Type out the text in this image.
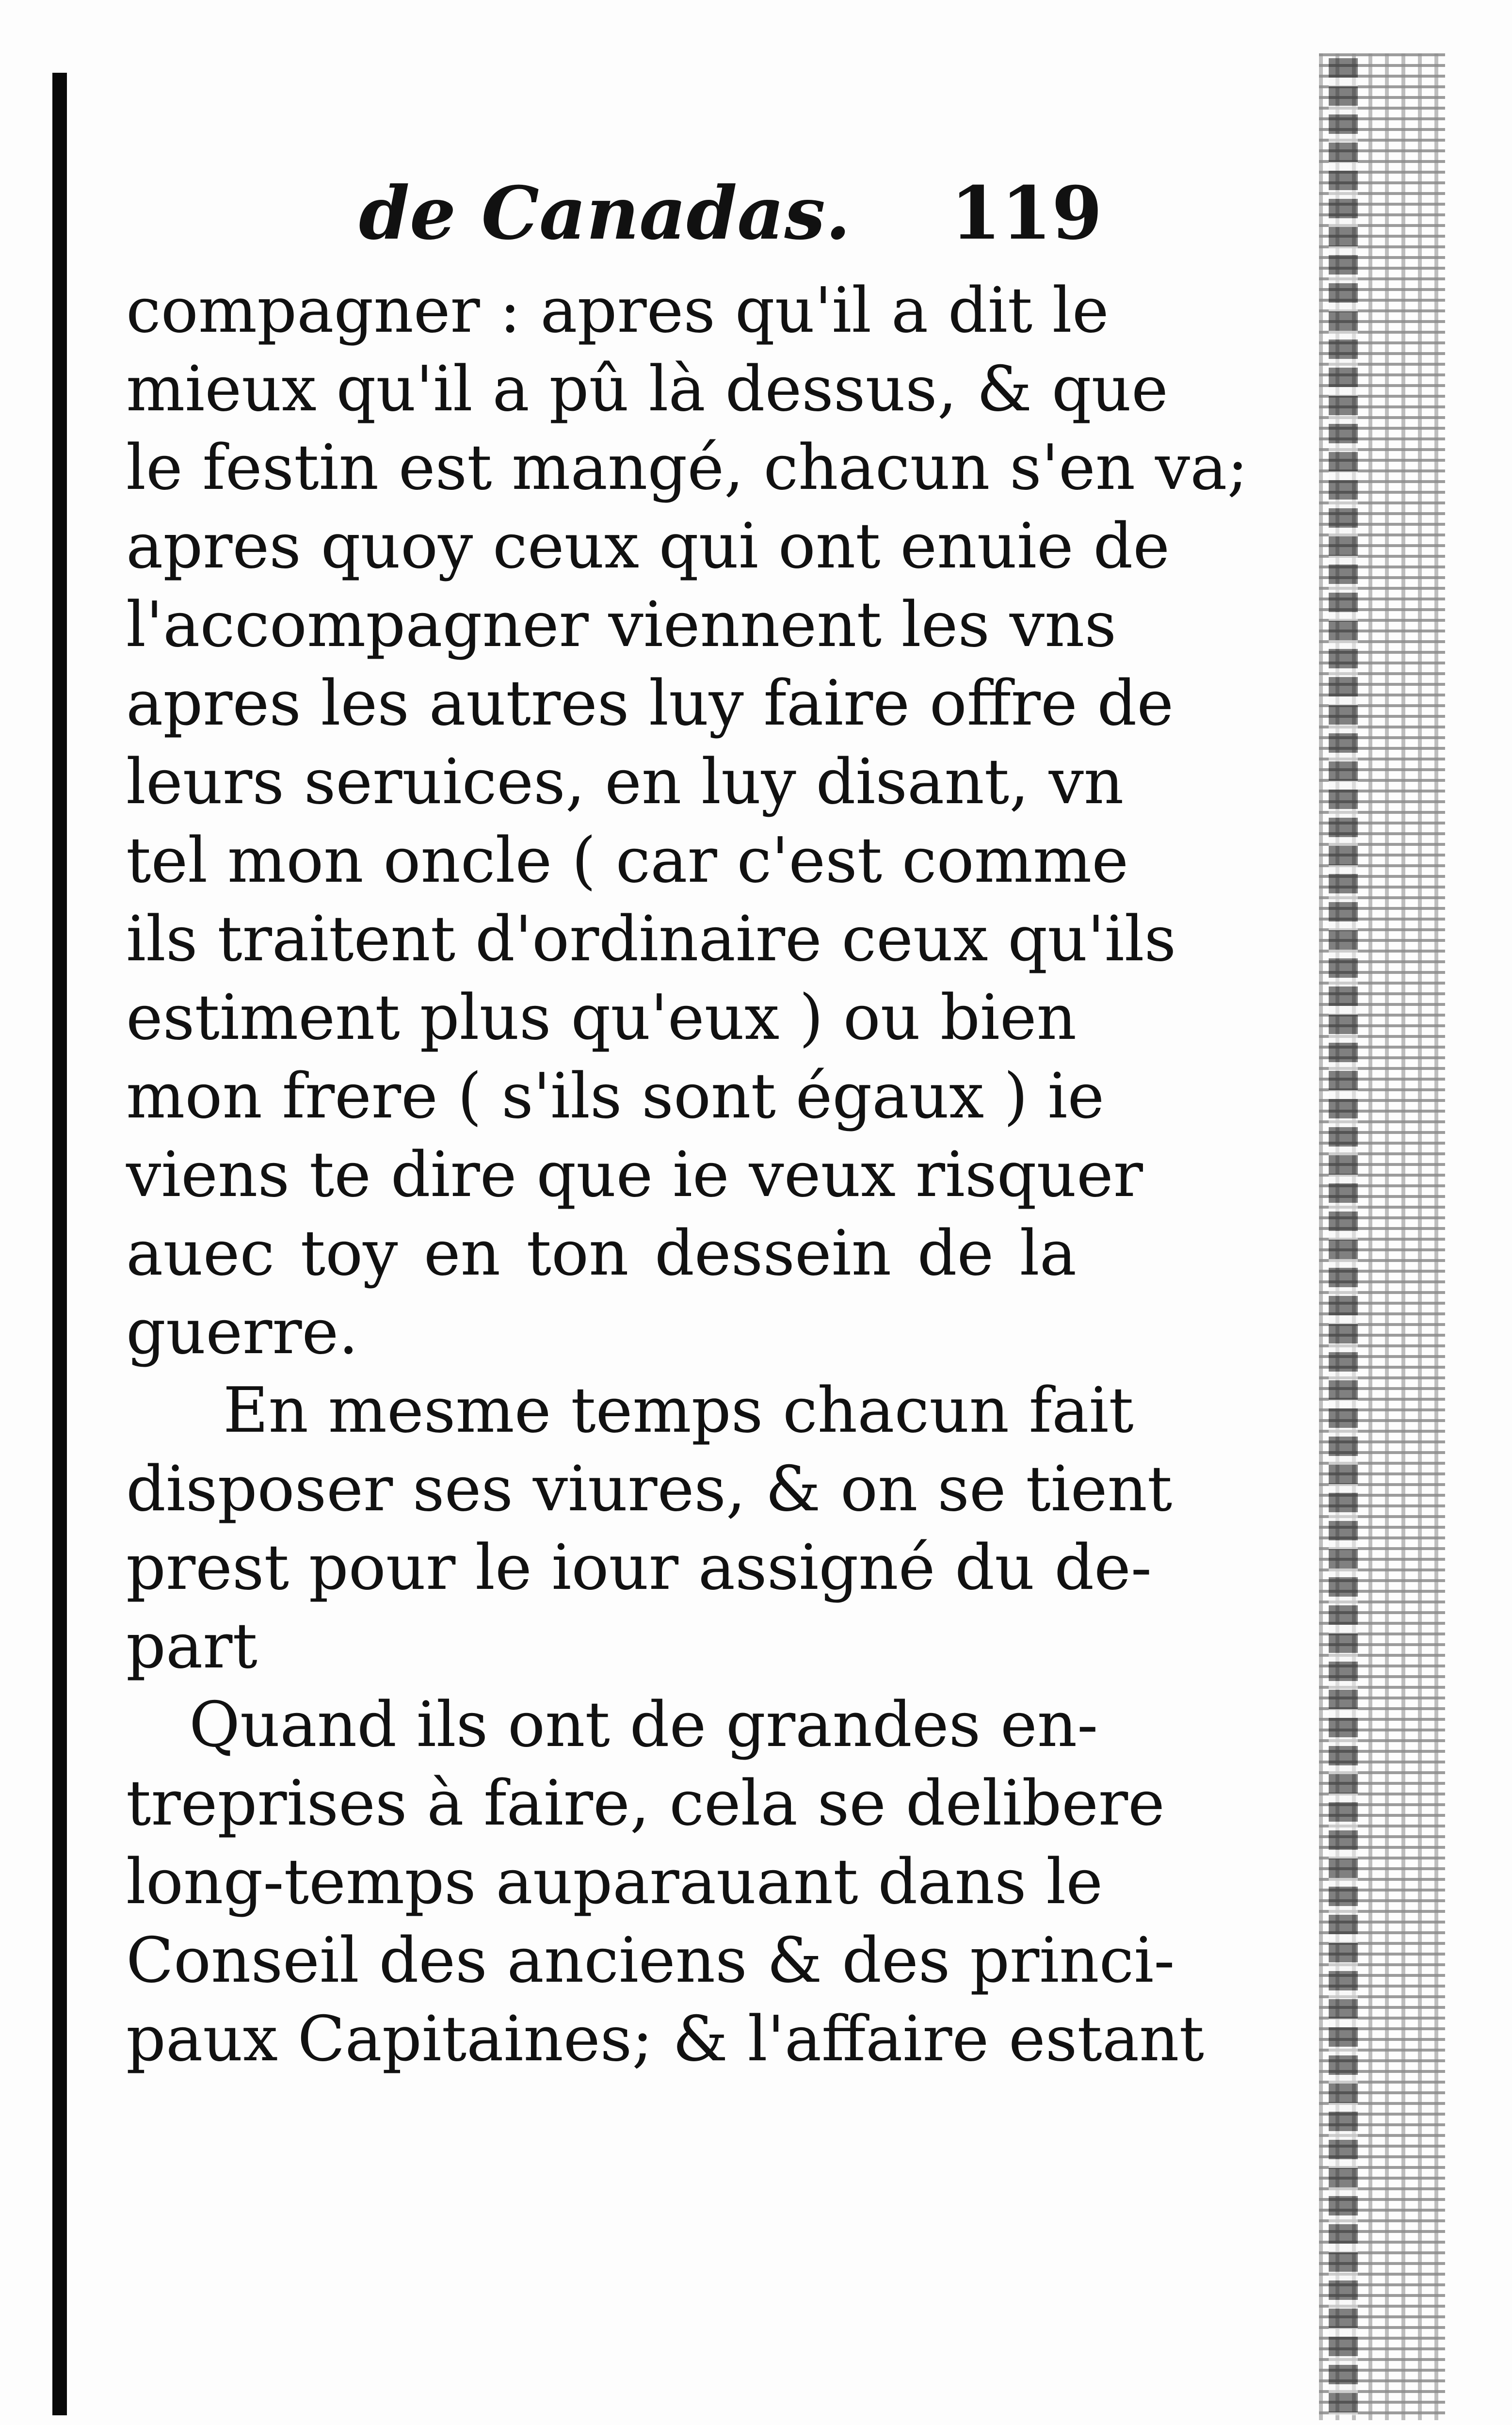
de Canadas.	119
compagner : apres qu'il a dit le
mieux qu'il a pû là dessus, & que
le festin est mangé, chacun s'en va;
apres quoy ceux qui ont enuie de
l'accompagner viennent les vns
apres les autres luy faire offre de
leurs seruices, en luy disant, vn
tel mon oncle ( car c'est comme
ils traitent d'ordinaire ceux qu'ils
estiment plus qu'eux ) ou bien
mon frere ( s'ils sont égaux ) ie
viens te dire que ie veux risquer
auec toy en ton dessein de la
guerre.
En mesme temps chacun fait
disposer ses viures, & on se tient
prest pour le iour assigné du de-
part
Quand ils ont de grandes en-
treprises à faire, cela se delibere
long-temps auparauant dans le
Conseil des anciens & des princi-
paux Capitaines; & l'affaire estant
